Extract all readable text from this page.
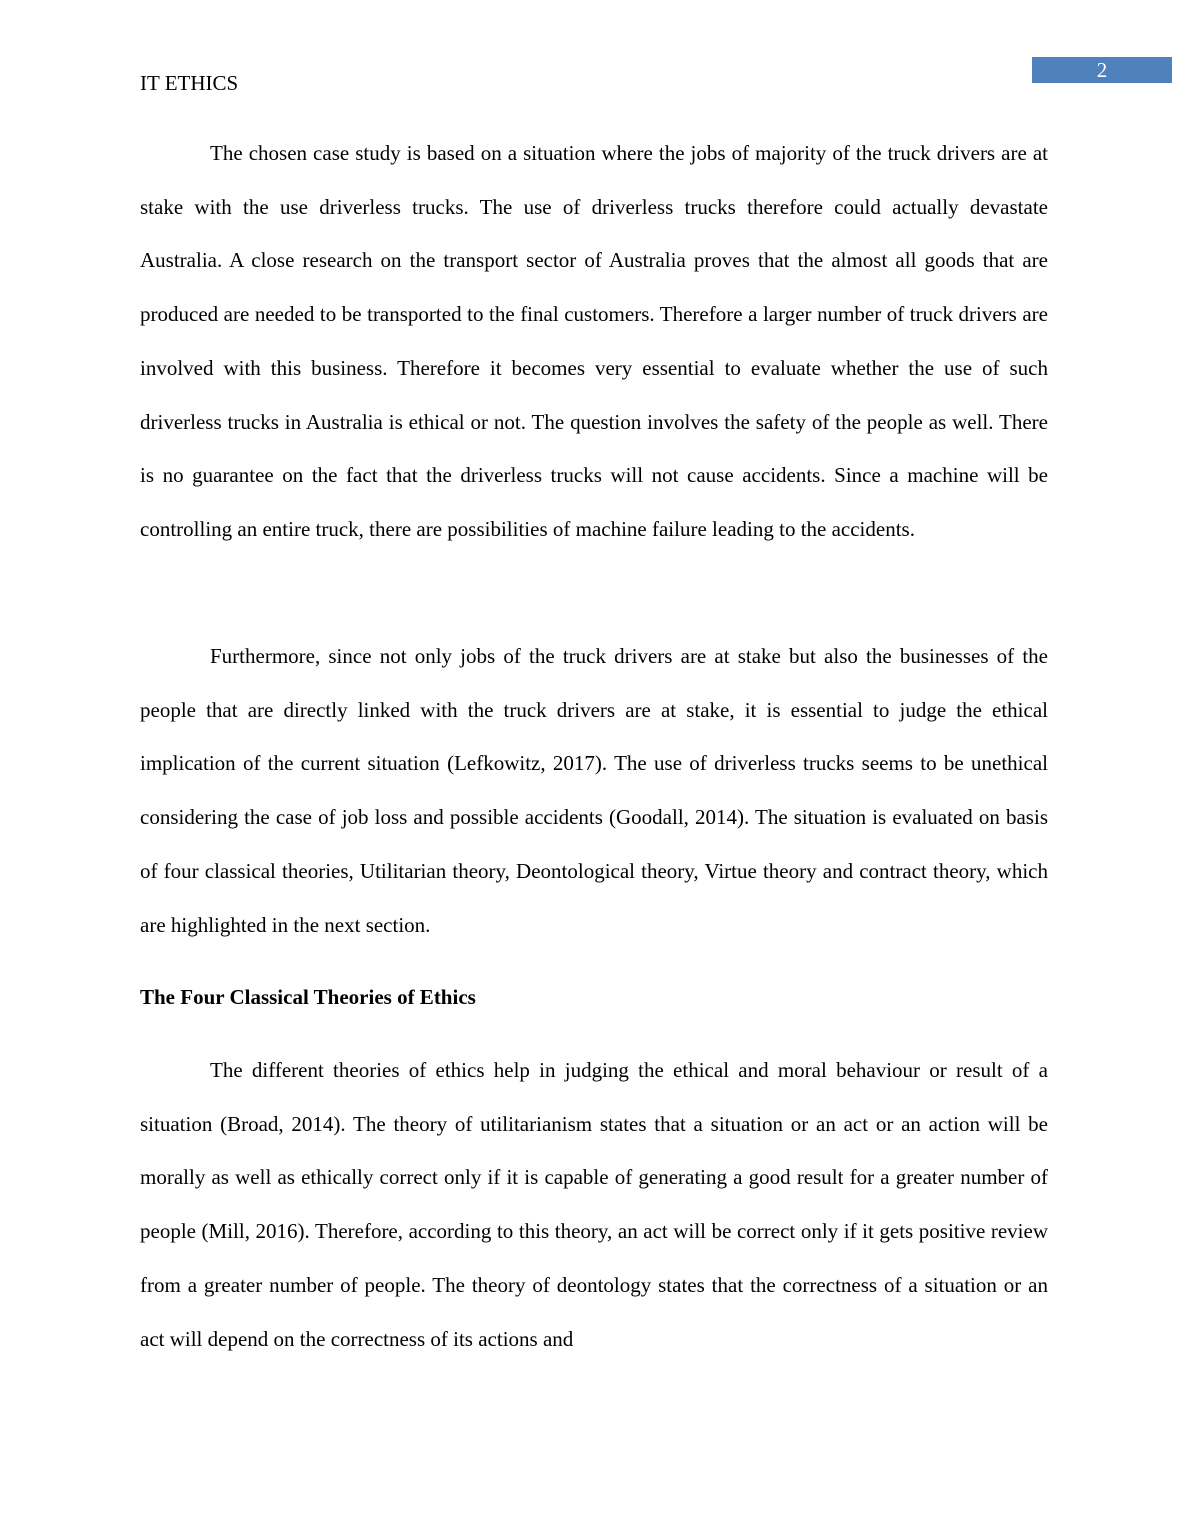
2
IT ETHICS

The chosen case study is based on a situation where the jobs of majority of the truck drivers are at stake with the use driverless trucks. The use of driverless trucks therefore could actually devastate Australia. A close research on the transport sector of Australia proves that the almost all goods that are produced are needed to be transported to the final customers. Therefore a larger number of truck drivers are involved with this business. Therefore it becomes very essential to evaluate whether the use of such driverless trucks in Australia is ethical or not. The question involves the safety of the people as well. There is no guarantee on the fact that the driverless trucks will not cause accidents. Since a machine will be controlling an entire truck, there are possibilities of machine failure leading to the accidents.

Furthermore, since not only jobs of the truck drivers are at stake but also the businesses of the people that are directly linked with the truck drivers are at stake, it is essential to judge the ethical implication of the current situation (Lefkowitz, 2017). The use of driverless trucks seems to be unethical considering the case of job loss and possible accidents (Goodall, 2014). The situation is evaluated on basis of four classical theories, Utilitarian theory, Deontological theory, Virtue theory and contract theory, which are highlighted in the next section.

The Four Classical Theories of Ethics

The different theories of ethics help in judging the ethical and moral behaviour or result of a situation (Broad, 2014). The theory of utilitarianism states that a situation or an act or an action will be morally as well as ethically correct only if it is capable of generating a good result for a greater number of people (Mill, 2016). Therefore, according to this theory, an act will be correct only if it gets positive review from a greater number of people. The theory of deontology states that the correctness of a situation or an act will depend on the correctness of its actions and
